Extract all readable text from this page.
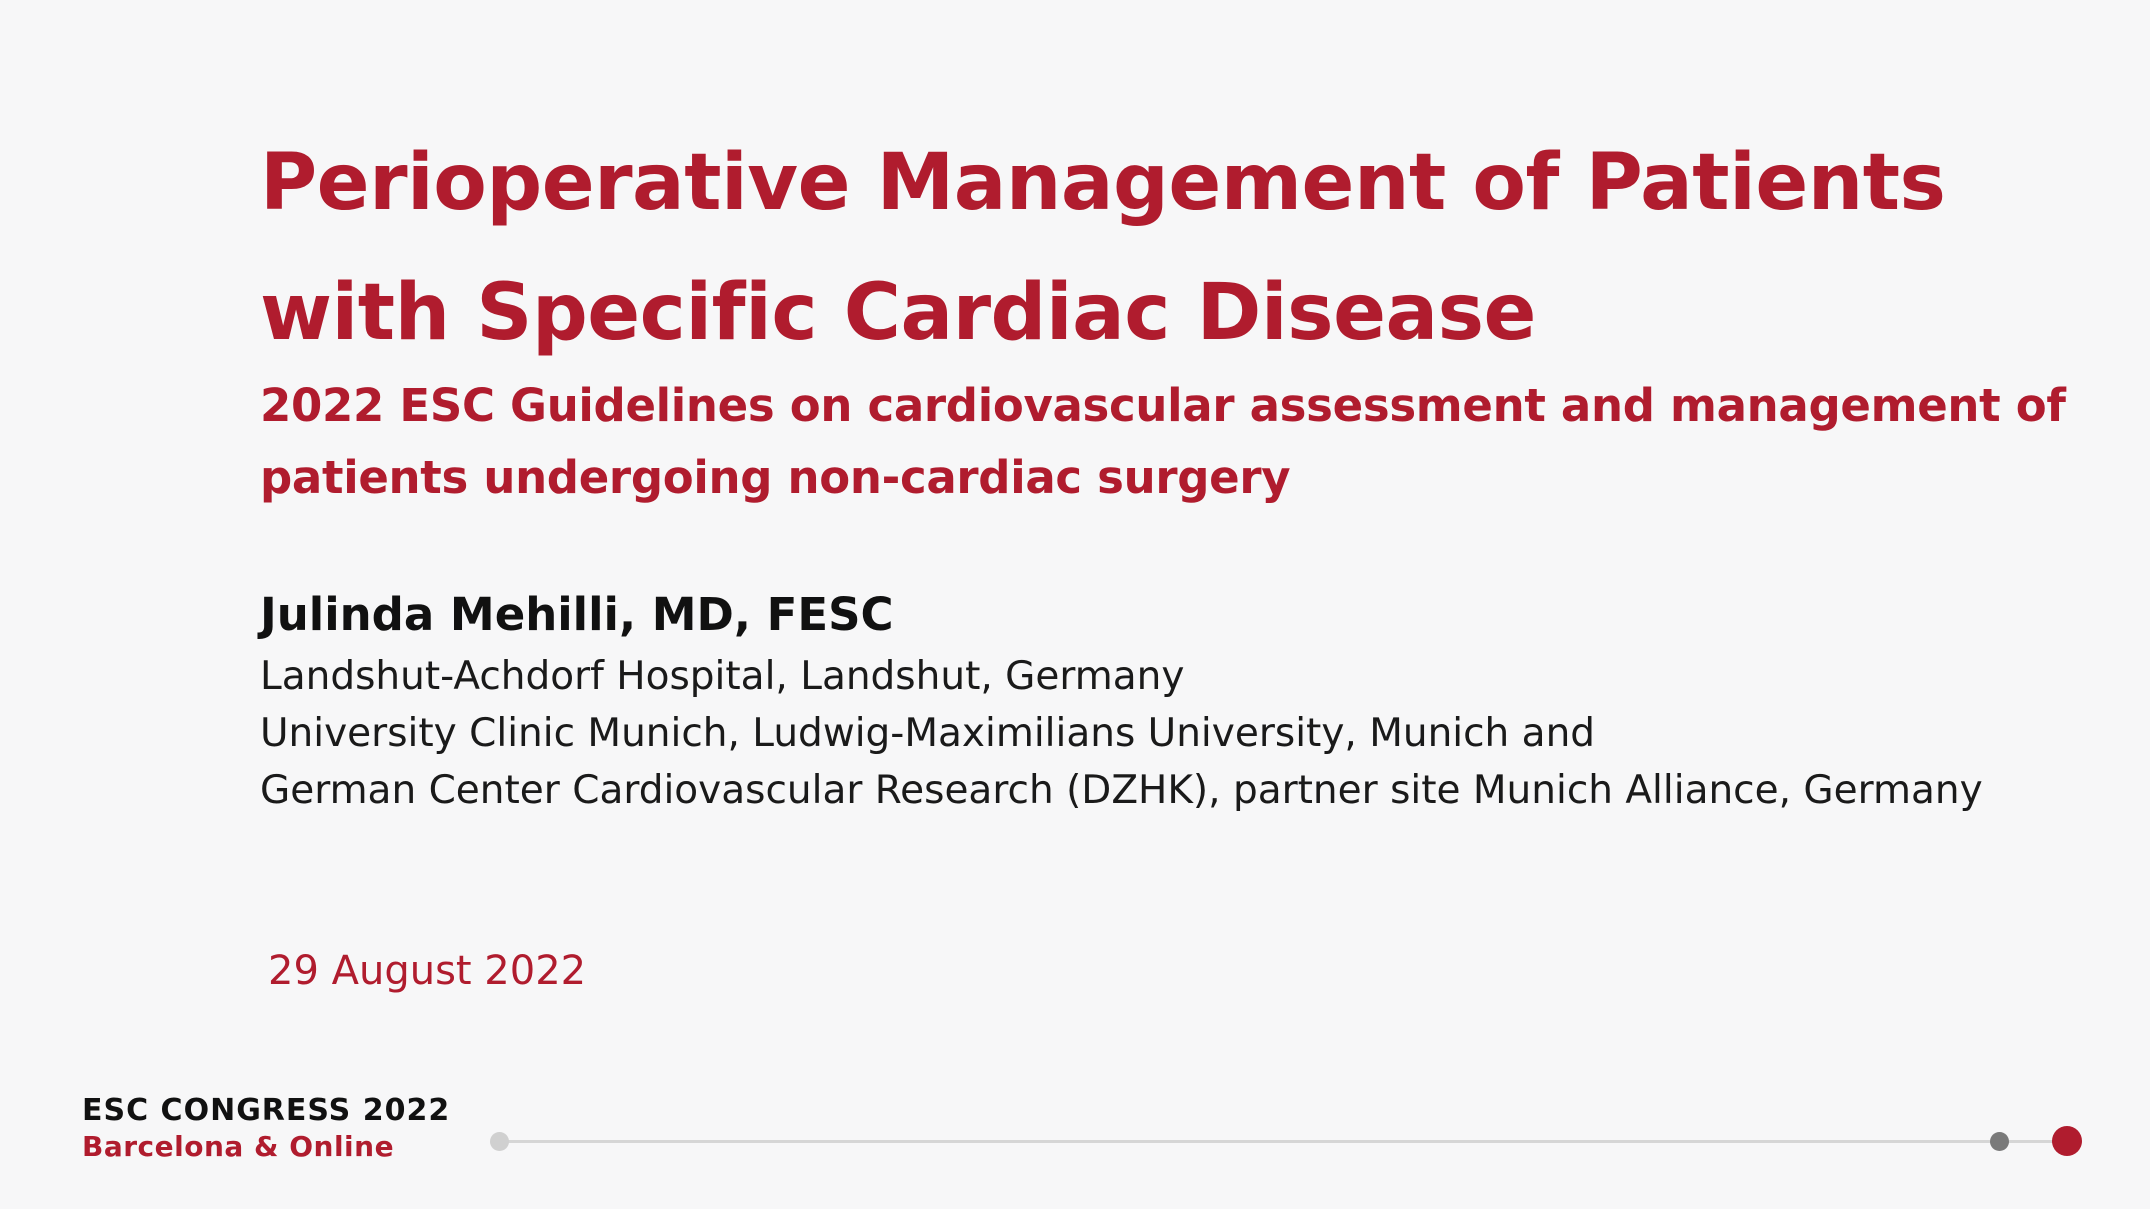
Perioperative Management of Patients
with Specific Cardiac Disease
2022 ESC Guidelines on cardiovascular assessment and management of
patients undergoing non-cardiac surgery
Julinda Mehilli, MD, FESC
Landshut-Achdorf Hospital, Landshut, Germany
University Clinic Munich, Ludwig-Maximilians University, Munich and
German Center Cardiovascular Research (DZHK), partner site Munich Alliance, Germany
29 August 2022
ESC CONGRESS 2022
Barcelona & Online
